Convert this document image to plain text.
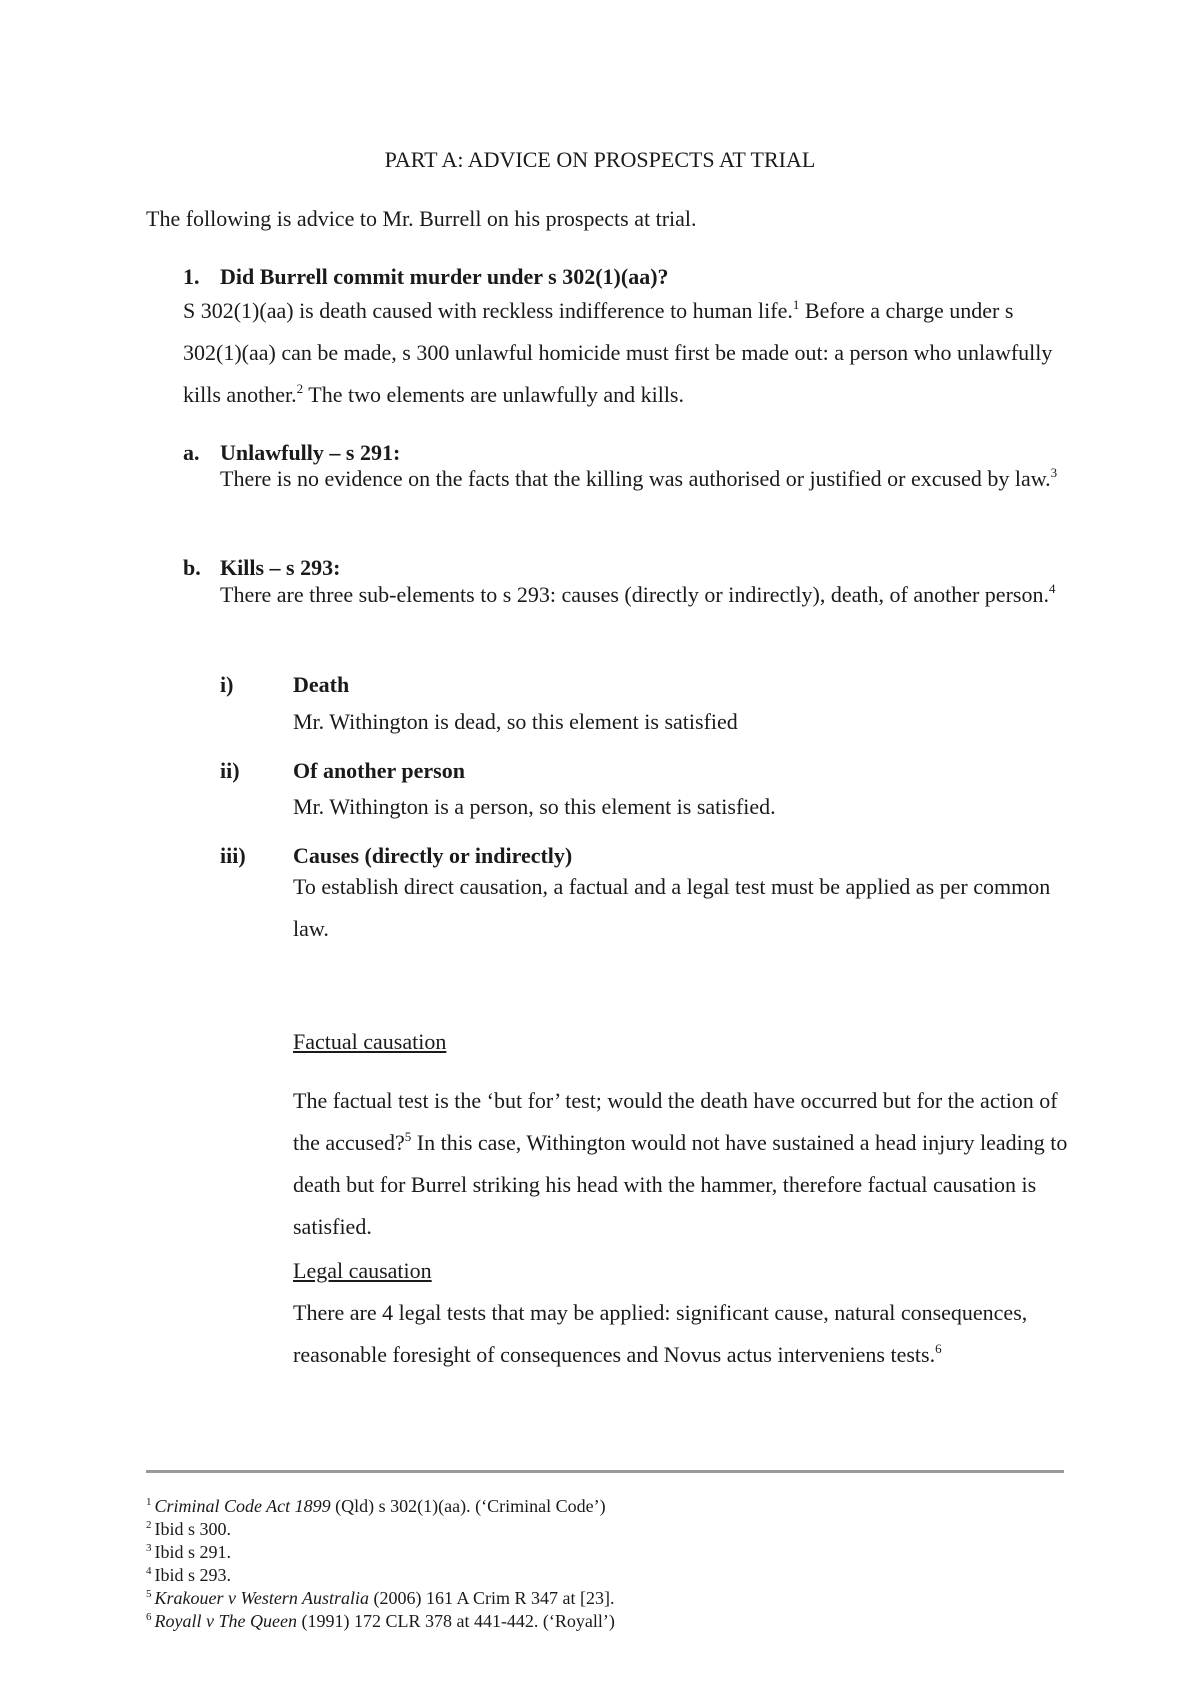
PART A: ADVICE ON PROSPECTS AT TRIAL
The following is advice to Mr. Burrell on his prospects at trial.
1. Did Burrell commit murder under s 302(1)(aa)?
S 302(1)(aa) is death caused with reckless indifference to human life.$^1$ Before a charge under s 302(1)(aa) can be made, s 300 unlawful homicide must first be made out: a person who unlawfully kills another.$^2$ The two elements are unlawfully and kills.
a. Unlawfully – s 291:
There is no evidence on the facts that the killing was authorised or justified or excused by law.$^3$
b. Kills – s 293:
There are three sub-elements to s 293: causes (directly or indirectly), death, of another person.$^4$
i)	Death
Mr. Withington is dead, so this element is satisfied
ii) Of another person
Mr. Withington is a person, so this element is satisfied.
iii) Causes (directly or indirectly)
To establish direct causation, a factual and a legal test must be applied as per common law.
Factual causation
The factual test is the ‘but for’ test; would the death have occurred but for the action of the accused?$^5$ In this case, Withington would not have sustained a head injury leading to death but for Burrel striking his head with the hammer, therefore factual causation is satisfied.
Legal causation
There are 4 legal tests that may be applied: significant cause, natural consequences, reasonable foresight of consequences and Novus actus interveniens tests.$^6$
$^1$ Criminal Code Act 1899 (Qld) s 302(1)(aa). (‘Criminal Code’)
$^2$ Ibid s 300.
$^3$ Ibid s 291.
$^4$ Ibid s 293.
$^5$ Krakouer v Western Australia (2006) 161 A Crim R 347 at [23].
$^6$ Royall v The Queen (1991) 172 CLR 378 at 441-442. (‘Royall’)
